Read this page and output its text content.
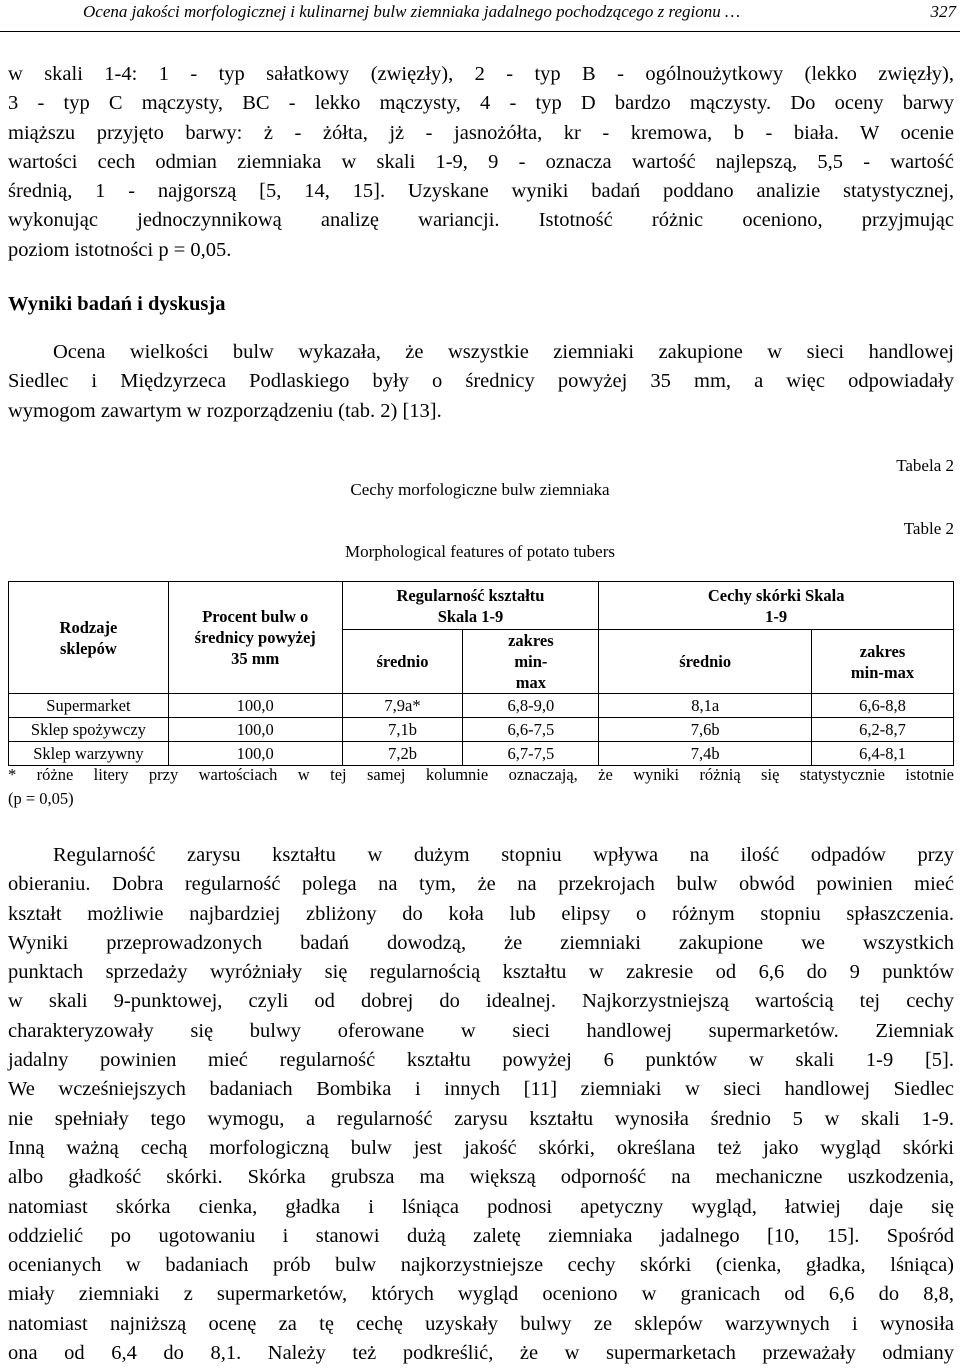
Ocena jakości morfologicznej i kulinarnej bulw ziemniaka jadalnego pochodzącego z regionu …	327
w skali 1-4: 1 - typ sałatkowy (zwięzły), 2 - typ B - ogólnoużytkowy (lekko zwięzły),
3 - typ C mączysty, BC - lekko mączysty, 4 - typ D bardzo mączysty. Do oceny barwy
miąższu przyjęto barwy: ż - żółta, jż - jasnożółta, kr - kremowa, b - biała. W ocenie
wartości cech odmian ziemniaka w skali 1-9, 9 - oznacza wartość najlepszą, 5,5 - wartość
średnią, 1 - najgorszą [5, 14, 15]. Uzyskane wyniki badań poddano analizie statystycznej,
wykonując jednoczynnikową analizę wariancji. Istotność różnic oceniono, przyjmując
poziom istotności p = 0,05.
Wyniki badań i dyskusja
Ocena wielkości bulw wykazała, że wszystkie ziemniaki zakupione w sieci handlowej
Siedlec i Międzyrzeca Podlaskiego były o średnicy powyżej 35 mm, a więc odpowiadały
wymogom zawartym w rozporządzeniu (tab. 2) [13].
Tabela 2
Cechy morfologiczne bulw ziemniaka
Table 2
Morphological features of potato tubers
Rodzaje sklepów	Procent bulw o średnicy powyżej 35 mm	Regularność kształtu Skala 1-9		Cechy skórki Skala 1-9	
		średnio	zakres min-max	średnio	zakres min-max
Supermarket	100,0	7,9a*	6,8-9,0	8,1a	6,6-8,8
Sklep spożywczy	100,0	7,1b	6,6-7,5	7,6b	6,2-8,7
Sklep warzywny	100,0	7,2b	6,7-7,5	7,4b	6,4-8,1
* różne litery przy wartościach w tej samej kolumnie oznaczają, że wyniki różnią się statystycznie istotnie
(p = 0,05)
Regularność zarysu kształtu w dużym stopniu wpływa na ilość odpadów przy
obieraniu. Dobra regularność polega na tym, że na przekrojach bulw obwód powinien mieć
kształt możliwie najbardziej zbliżony do koła lub elipsy o różnym stopniu spłaszczenia.
Wyniki przeprowadzonych badań dowodzą, że ziemniaki zakupione we wszystkich
punktach sprzedaży wyróżniały się regularnością kształtu w zakresie od 6,6 do 9 punktów
w skali 9-punktowej, czyli od dobrej do idealnej. Najkorzystniejszą wartością tej cechy
charakteryzowały się bulwy oferowane w sieci handlowej supermarketów. Ziemniak
jadalny powinien mieć regularność kształtu powyżej 6 punktów w skali 1-9 [5].
We wcześniejszych badaniach Bombika i innych [11] ziemniaki w sieci handlowej Siedlec
nie spełniały tego wymogu, a regularność zarysu kształtu wynosiła średnio 5 w skali 1-9.
Inną ważną cechą morfologiczną bulw jest jakość skórki, określana też jako wygląd skórki
albo gładkość skórki. Skórka grubsza ma większą odporność na mechaniczne uszkodzenia,
natomiast skórka cienka, gładka i lśniąca podnosi apetyczny wygląd, łatwiej daje się
oddzielić po ugotowaniu i stanowi dużą zaletę ziemniaka jadalnego [10, 15]. Spośród
ocenianych w badaniach prób bulw najkorzystniejsze cechy skórki (cienka, gładka, lśniąca)
miały ziemniaki z supermarketów, których wygląd oceniono w granicach od 6,6 do 8,8,
natomiast najniższą ocenę za tę cechę uzyskały bulwy ze sklepów warzywnych i wynosiła
ona od 6,4 do 8,1. Należy też podkreślić, że w supermarketach przeważały odmiany
